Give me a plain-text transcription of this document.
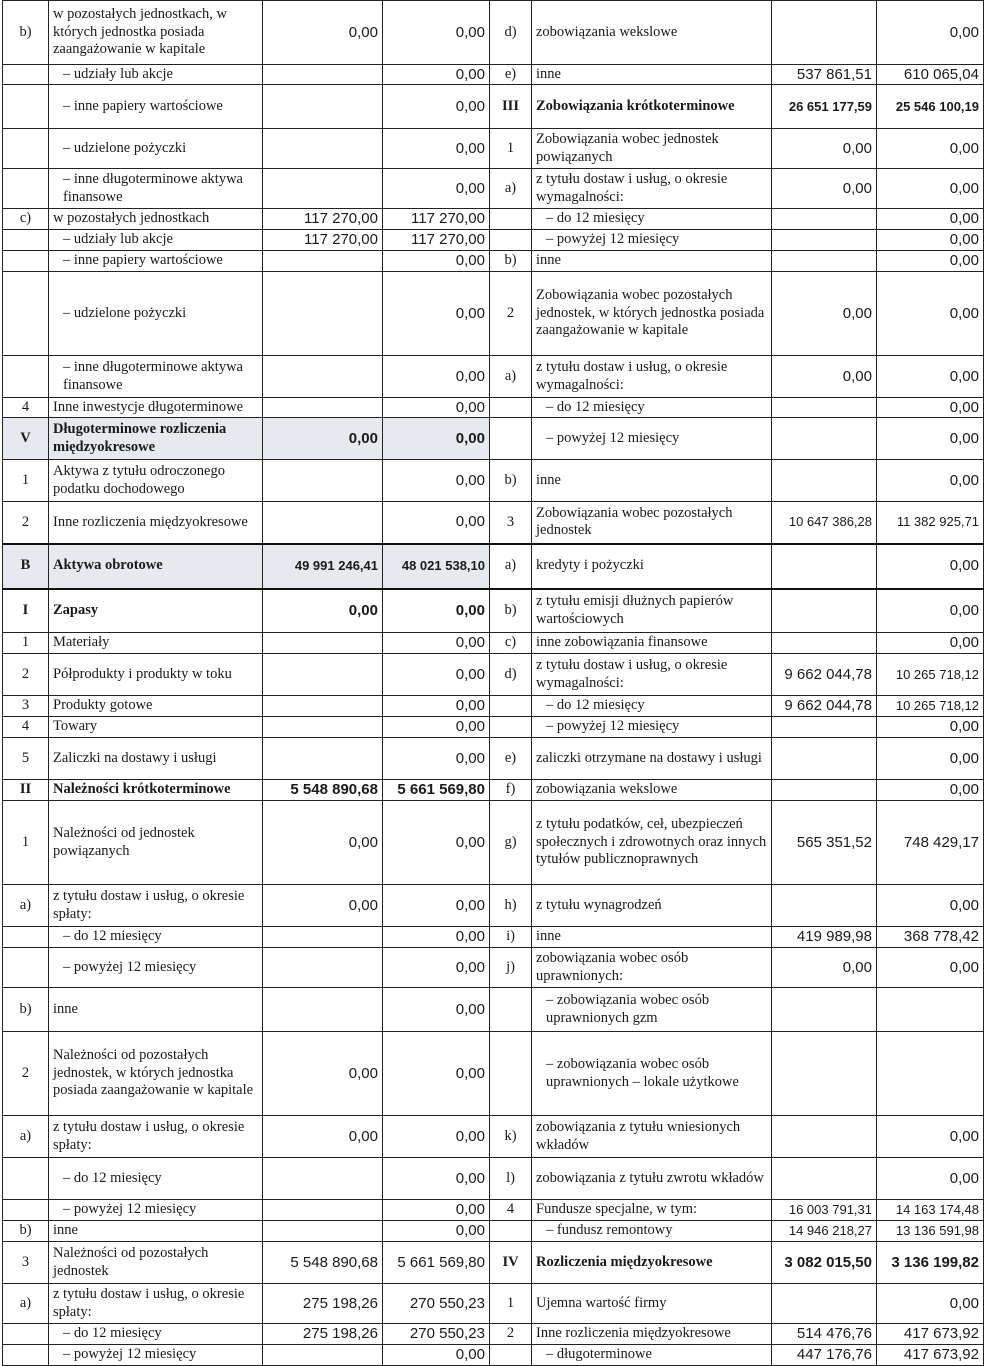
b)	w pozostałych jednostkach, w których jednostka posiada zaangażowanie w kapitale	0,00	0,00	d)	zobowiązania wekslowe		0,00
	– udziały lub akcje		0,00	e)	inne	537 861,51	610 065,04
	– inne papiery wartościowe		0,00	III	Zobowiązania krótkoterminowe	26 651 177,59	25 546 100,19
	– udzielone pożyczki		0,00	1	Zobowiązania wobec jednostek powiązanych	0,00	0,00
	– inne długoterminowe aktywa finansowe		0,00	a)	z tytułu dostaw i usług, o okresie wymagalności:	0,00	0,00
c)	w pozostałych jednostkach	117 270,00	117 270,00		– do 12 miesięcy		0,00
	– udziały lub akcje	117 270,00	117 270,00		– powyżej 12 miesięcy		0,00
	– inne papiery wartościowe		0,00	b)	inne		0,00
	– udzielone pożyczki		0,00	2	Zobowiązania wobec pozostałych jednostek, w których jednostka posiada zaangażowanie w kapitale	0,00	0,00
	– inne długoterminowe aktywa finansowe		0,00	a)	z tytułu dostaw i usług, o okresie wymagalności:	0,00	0,00
4	Inne inwestycje długoterminowe		0,00		– do 12 miesięcy		0,00
V	Długoterminowe rozliczenia międzyokresowe	0,00	0,00		– powyżej 12 miesięcy		0,00
1	Aktywa z tytułu odroczonego podatku dochodowego		0,00	b)	inne		0,00
2	Inne rozliczenia międzyokresowe		0,00	3	Zobowiązania wobec pozostałych jednostek	10 647 386,28	11 382 925,71
B	Aktywa obrotowe	49 991 246,41	48 021 538,10	a)	kredyty i pożyczki		0,00
I	Zapasy	0,00	0,00	b)	z tytułu emisji dłużnych papierów wartościowych		0,00
1	Materiały		0,00	c)	inne zobowiązania finansowe		0,00
2	Półprodukty i produkty w toku		0,00	d)	z tytułu dostaw i usług, o okresie wymagalności:	9 662 044,78	10 265 718,12
3	Produkty gotowe		0,00		– do 12 miesięcy	9 662 044,78	10 265 718,12
4	Towary		0,00		– powyżej 12 miesięcy		0,00
5	Zaliczki na dostawy i usługi		0,00	e)	zaliczki otrzymane na dostawy i usługi		0,00
II	Należności krótkoterminowe	5 548 890,68	5 661 569,80	f)	zobowiązania wekslowe		0,00
1	Należności od jednostek powiązanych	0,00	0,00	g)	z tytułu podatków, ceł, ubezpieczeń społecznych i zdrowotnych oraz innych tytułów publicznoprawnych	565 351,52	748 429,17
a)	z tytułu dostaw i usług, o okresie spłaty:	0,00	0,00	h)	z tytułu wynagrodzeń		0,00
	– do 12 miesięcy		0,00	i)	inne	419 989,98	368 778,42
	– powyżej 12 miesięcy		0,00	j)	zobowiązania wobec osób uprawnionych:	0,00	0,00
b)	inne		0,00		– zobowiązania wobec osób uprawnionych gzm		
2	Należności od pozostałych jednostek, w których jednostka posiada zaangażowanie w kapitale	0,00	0,00		– zobowiązania wobec osób uprawnionych – lokale użytkowe		
a)	z tytułu dostaw i usług, o okresie spłaty:	0,00	0,00	k)	zobowiązania z tytułu wniesionych wkładów		0,00
	– do 12 miesięcy		0,00	l)	zobowiązania z tytułu zwrotu wkładów		0,00
	– powyżej 12 miesięcy		0,00	4	Fundusze specjalne, w tym:	16 003 791,31	14 163 174,48
b)	inne		0,00		– fundusz remontowy	14 946 218,27	13 136 591,98
3	Należności od pozostałych jednostek	5 548 890,68	5 661 569,80	IV	Rozliczenia międzyokresowe	3 082 015,50	3 136 199,82
a)	z tytułu dostaw i usług, o okresie spłaty:	275 198,26	270 550,23	1	Ujemna wartość firmy		0,00
	– do 12 miesięcy	275 198,26	270 550,23	2	Inne rozliczenia międzyokresowe	514 476,76	417 673,92
	– powyżej 12 miesięcy		0,00		– długoterminowe	447 176,76	417 673,92
